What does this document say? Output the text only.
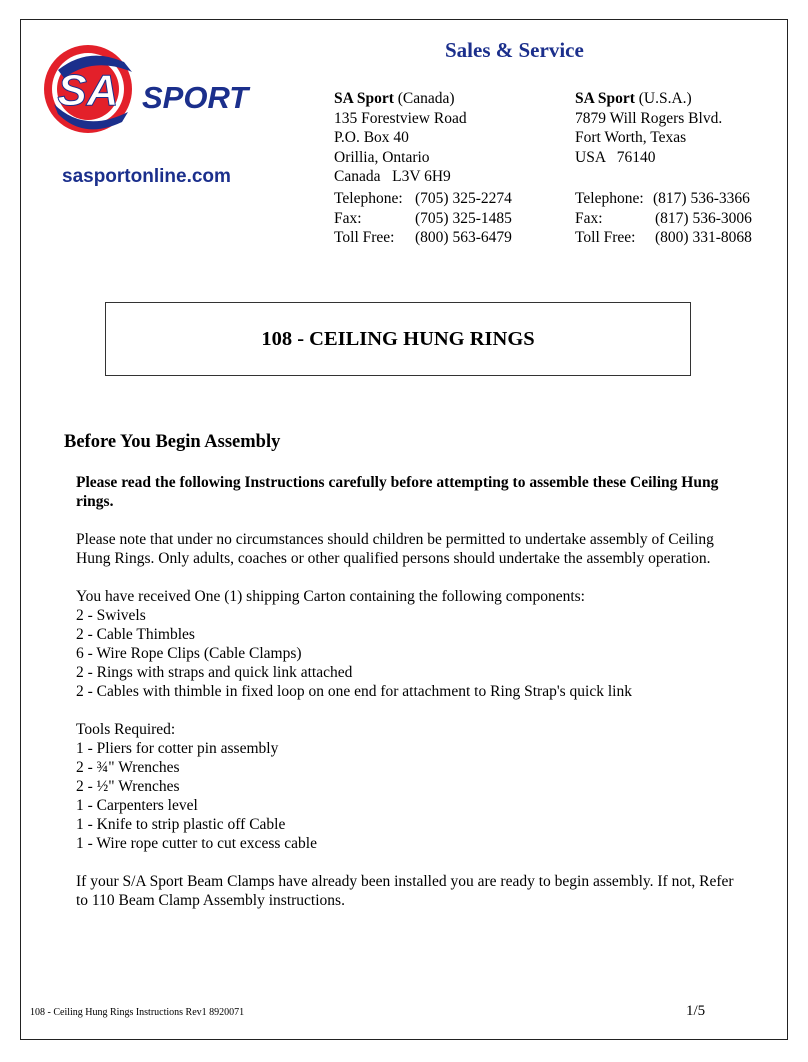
SA SPORT
sasportonline.com
Sales & Service
SA Sport (Canada)
135 Forestview Road
P.O. Box 40
Orillia, Ontario
Canada   L3V 6H9
SA Sport (U.S.A.)
7879 Will Rogers Blvd.
Fort Worth, Texas
USA   76140
Telephone: (705) 325-2274
Fax:	(705) 325-1485
Toll Free:	(800) 563-6479
Telephone: (817) 536-3366
Fax:	(817) 536-3006
Toll Free:	(800) 331-8068
108 - CEILING HUNG RINGS
Before You Begin Assembly

Please read the following Instructions carefully before attempting to assemble these Ceiling Hung rings.

Please note that under no circumstances should children be permitted to undertake assembly of Ceiling Hung Rings. Only adults, coaches or other qualified persons should undertake the assembly operation.

You have received One (1) shipping Carton containing the following components:

2 - Swivels
2 - Cable Thimbles
6 - Wire Rope Clips (Cable Clamps)
2 - Rings with straps and quick link attached
2 - Cables with thimble in fixed loop on one end for attachment to Ring Strap's quick link

Tools Required:

1 - Pliers for cotter pin assembly
2 - ¾" Wrenches
2 - ½" Wrenches
1 - Carpenters level
1 - Knife to strip plastic off Cable
1 - Wire rope cutter to cut excess cable

If your S/A Sport Beam Clamps have already been installed you are ready to begin assembly. If not, Refer to 110 Beam Clamp Assembly instructions.

108 - Ceiling Hung Rings Instructions Rev1 8920071	1/5
